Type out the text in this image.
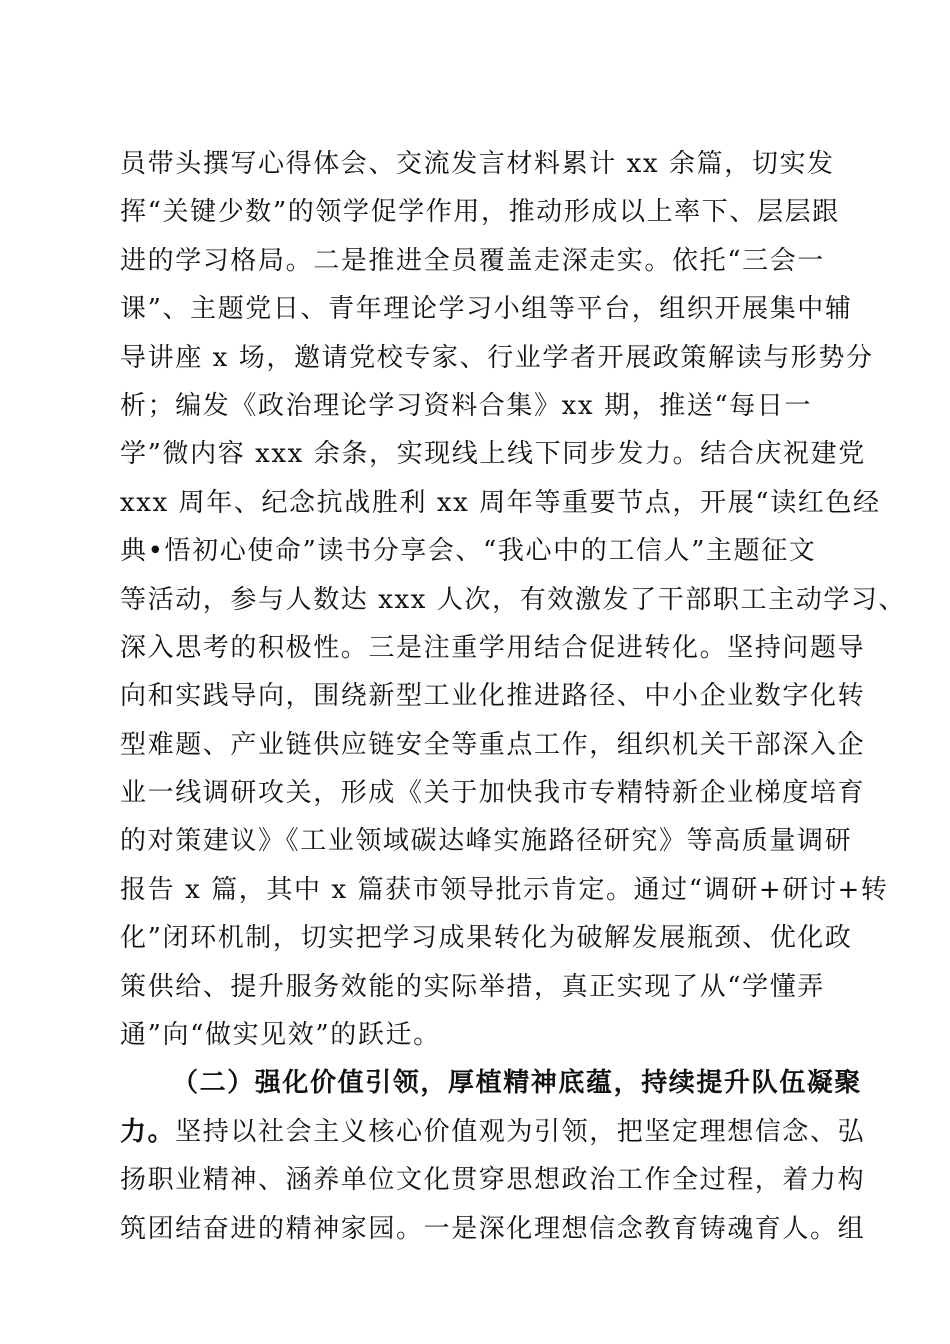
员带头撰写心得体会、交流发言材料累计 xx 余篇，切实发
挥“关键少数”的领学促学作用，推动形成以上率下、层层跟
进的学习格局。二是推进全员覆盖走深走实。依托“三会一
课”、主题党日、青年理论学习小组等平台，组织开展集中辅
导讲座 x 场，邀请党校专家、行业学者开展政策解读与形势分
析；编发《政治理论学习资料合集》xx 期，推送“每日一
学”微内容 xxx 余条，实现线上线下同步发力。结合庆祝建党
xxx 周年、纪念抗战胜利 xx 周年等重要节点，开展“读红色经
典•悟初心使命”读书分享会、“我心中的工信人”主题征文
等活动，参与人数达 xxx 人次，有效激发了干部职工主动学习、
深入思考的积极性。三是注重学用结合促进转化。坚持问题导
向和实践导向，围绕新型工业化推进路径、中小企业数字化转
型难题、产业链供应链安全等重点工作，组织机关干部深入企
业一线调研攻关，形成《关于加快我市专精特新企业梯度培育
的对策建议》《工业领域碳达峰实施路径研究》等高质量调研
报告 x 篇，其中 x 篇获市领导批示肯定。通过“调研+研讨+转
化”闭环机制，切实把学习成果转化为破解发展瓶颈、优化政
策供给、提升服务效能的实际举措，真正实现了从“学懂弄
通”向“做实见效”的跃迁。
（二）强化价值引领，厚植精神底蕴，持续提升队伍凝聚
力。坚持以社会主义核心价值观为引领，把坚定理想信念、弘
扬职业精神、涵养单位文化贯穿思想政治工作全过程，着力构
筑团结奋进的精神家园。一是深化理想信念教育铸魂育人。组
